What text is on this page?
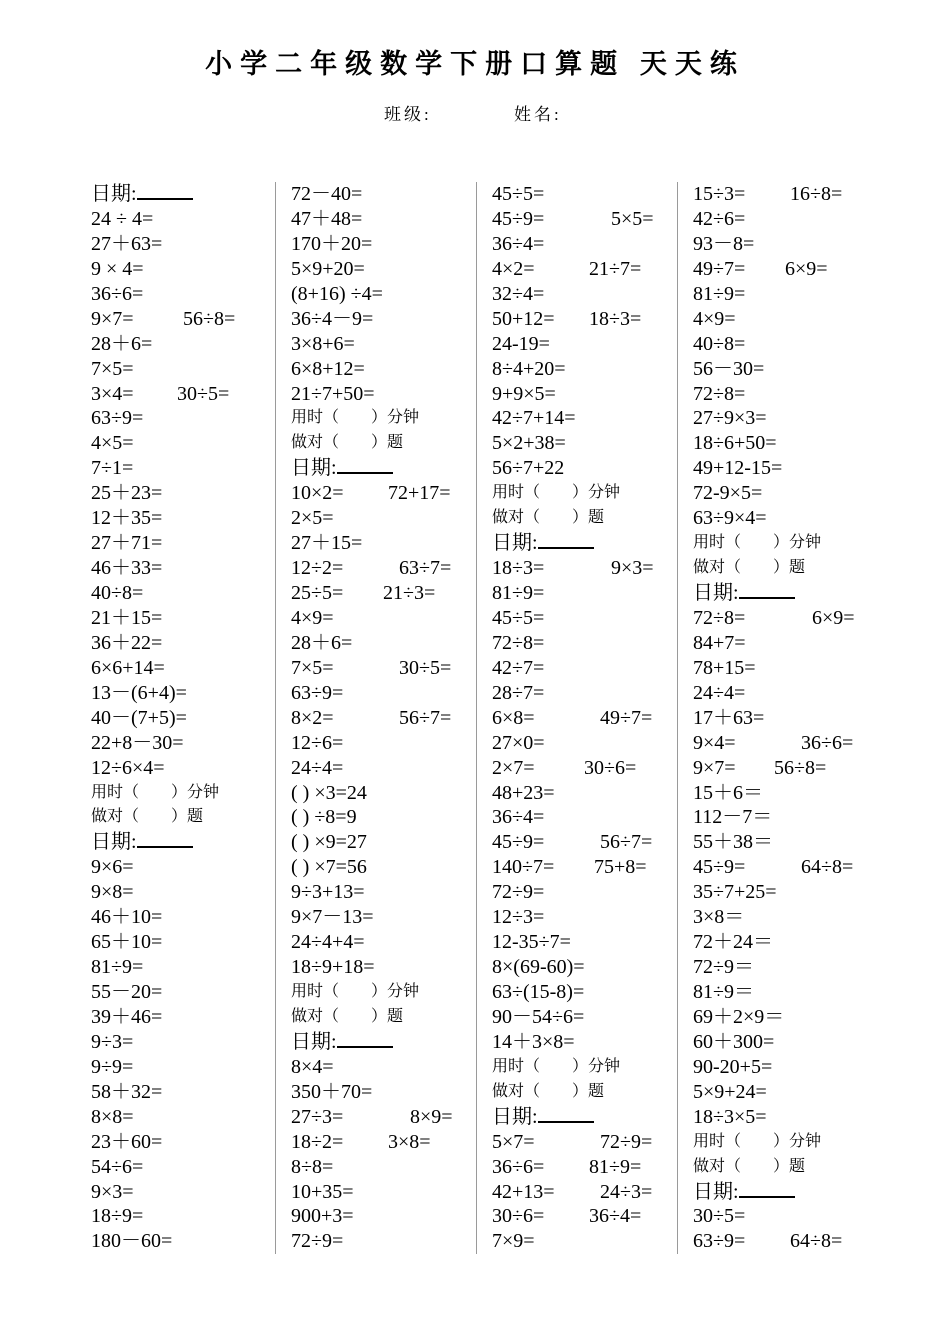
小学二年级数学下册口算题 天天练
班级:	姓名:
日期:
24 ÷ 4=
27＋63=
9 × 4=
36÷6=
9×7= 56÷8=
28＋6=
7×5=
3×4= 30÷5=
63÷9=
4×5=
7÷1=
25＋23=
12＋35=
27＋71=
46＋33=
40÷8=
21＋15=
36＋22=
6×6+14=
13－(6+4)=
40－(7+5)=
22+8－30=
12÷6×4=
用时（　　）分钟
做对（　　）题
日期:
9×6=
9×8=
46＋10=
65＋10=
81÷9=
55－20=
39＋46=
9÷3=
9÷9=
58＋32=
8×8=
23＋60=
54÷6=
9×3=
18÷9=
180－60=
72－40=
47＋48=
170＋20=
5×9+20=
(8+16) ÷4=
36÷4－9=
3×8+6=
6×8+12=
21÷7+50=
用时（　　）分钟
做对（　　）题
日期:
10×2= 72+17=
2×5=
27＋15=
12÷2=	63÷7=
25÷5= 21÷3=
4×9=
28＋6=
7×5=	30÷5=
63÷9=
8×2=	56÷7=
12÷6=
24÷4=
( ) ×3=24
( ) ÷8=9
( ) ×9=27
( ) ×7=56
9÷3+13=
9×7－13=
24÷4+4=
18÷9+18=
用时（　　）分钟
做对（　　）题
日期:
8×4=
350＋70=
27÷3=	8×9=
18÷2= 3×8=
8÷8=
10+35=
900+3=
72÷9=
45÷5=
45÷9=	5×5=
36÷4=
4×2=	21÷7=
32÷4=
50+12= 18÷3=
24-19=
8÷4+20=
9+9×5=
42÷7+14=
5×2+38=
56÷7+22
用时（　　）分钟
做对（　　）题
日期:
18÷3=	9×3=
81÷9=
45÷5=
72÷8=
42÷7=
28÷7=
6×8=	49÷7=
27×0=
2×7= 30÷6=
48+23=
36÷4=
45÷9=	56÷7=
140÷7= 75+8=
72÷9=
12÷3=
12-35÷7=
8×(69-60)=
63÷(15-8)=
90－54÷6=
14＋3×8=
用时（　　）分钟
做对（　　）题
日期:
5×7=	72÷9=
36÷6= 81÷9=
42+13= 24÷3=
30÷6= 36÷4=
7×9=
15÷3= 16÷8=
42÷6=
93－8=
49÷7= 6×9=
81÷9=
4×9=
40÷8=
56－30=
72÷8=
27÷9×3=
18÷6+50=
49+12-15=
72-9×5=
63÷9×4=
用时（　　）分钟
做对（　　）题
日期:
72÷8=	6×9=
84+7=
78+15=
24÷4=
17＋63=
9×4=	36÷6=
9×7= 56÷8=
15＋6＝
112－7＝
55＋38＝
45÷9=	64÷8=
35÷7+25=
3×8＝
72＋24＝
72÷9＝
81÷9＝
69＋2×9＝
60＋300=
90-20+5=
5×9+24=
18÷3×5=
用时（　　）分钟
做对（　　）题
日期:
30÷5=
63÷9= 64÷8=
